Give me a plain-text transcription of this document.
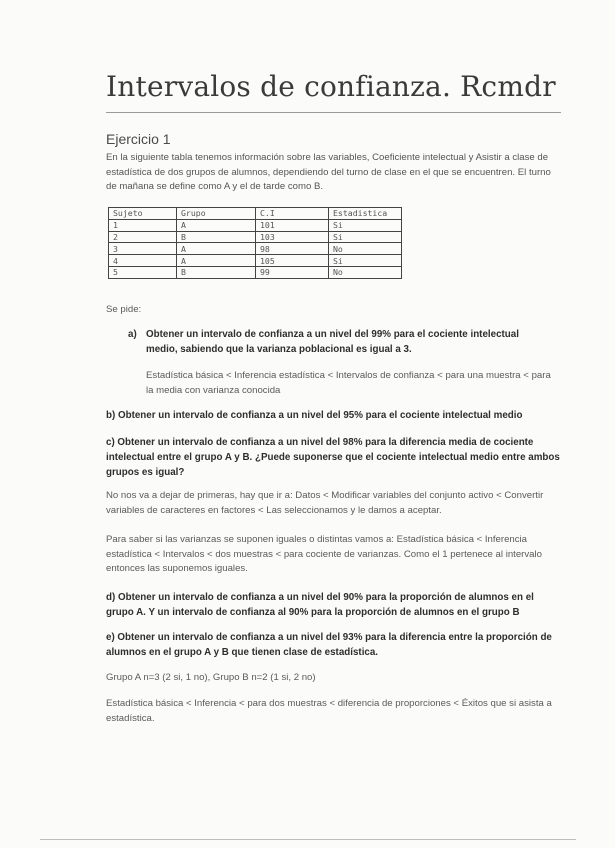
Intervalos de confianza. Rcmdr
Ejercicio 1
En la siguiente tabla tenemos información sobre las variables, Coeficiente intelectual y Asistir a clase de estadística de dos grupos de alumnos, dependiendo del turno de clase en el que se encuentren. El turno de mañana se define como A y el de tarde como B.
Sujeto	Grupo	C.I	Estadistica
1	A	101	Si
2	B	103	Si
3	A	98	No
4	A	105	Si
5	B	99	No
Se pide:
a) Obtener un intervalo de confianza a un nivel del 99% para el cociente intelectual
medio, sabiendo que la varianza poblacional es igual a 3.
Estadística básica < Inferencia estadística < Intervalos de confianza < para una muestra < para la media con varianza conocida
b) Obtener un intervalo de confianza a un nivel del 95% para el cociente intelectual medio
c) Obtener un intervalo de confianza a un nivel del 98% para la diferencia media de cociente intelectual entre el grupo A y B. ¿Puede suponerse que el cociente intelectual medio entre ambos grupos es igual?
No nos va a dejar de primeras, hay que ir a: Datos < Modificar variables del conjunto activo < Convertir variables de caracteres en factores < Las seleccionamos y le damos a aceptar.
Para saber si las varianzas se suponen iguales o distintas vamos a: Estadística básica < Inferencia estadística < Intervalos < dos muestras < para cociente de varianzas. Como el 1 pertenece al intervalo entonces las suponemos iguales.
d) Obtener un intervalo de confianza a un nivel del 90% para la proporción de alumnos en el grupo A. Y un intervalo de confianza al 90% para la proporción de alumnos en el grupo B
e) Obtener un intervalo de confianza a un nivel del 93% para la diferencia entre la proporción de alumnos en el grupo A y B que tienen clase de estadística.
Grupo A n=3 (2 si, 1 no), Grupo B n=2 (1 si, 2 no)
Estadística básica < Inferencia < para dos muestras < diferencia de proporciones < Éxitos que si asista a estadística.
